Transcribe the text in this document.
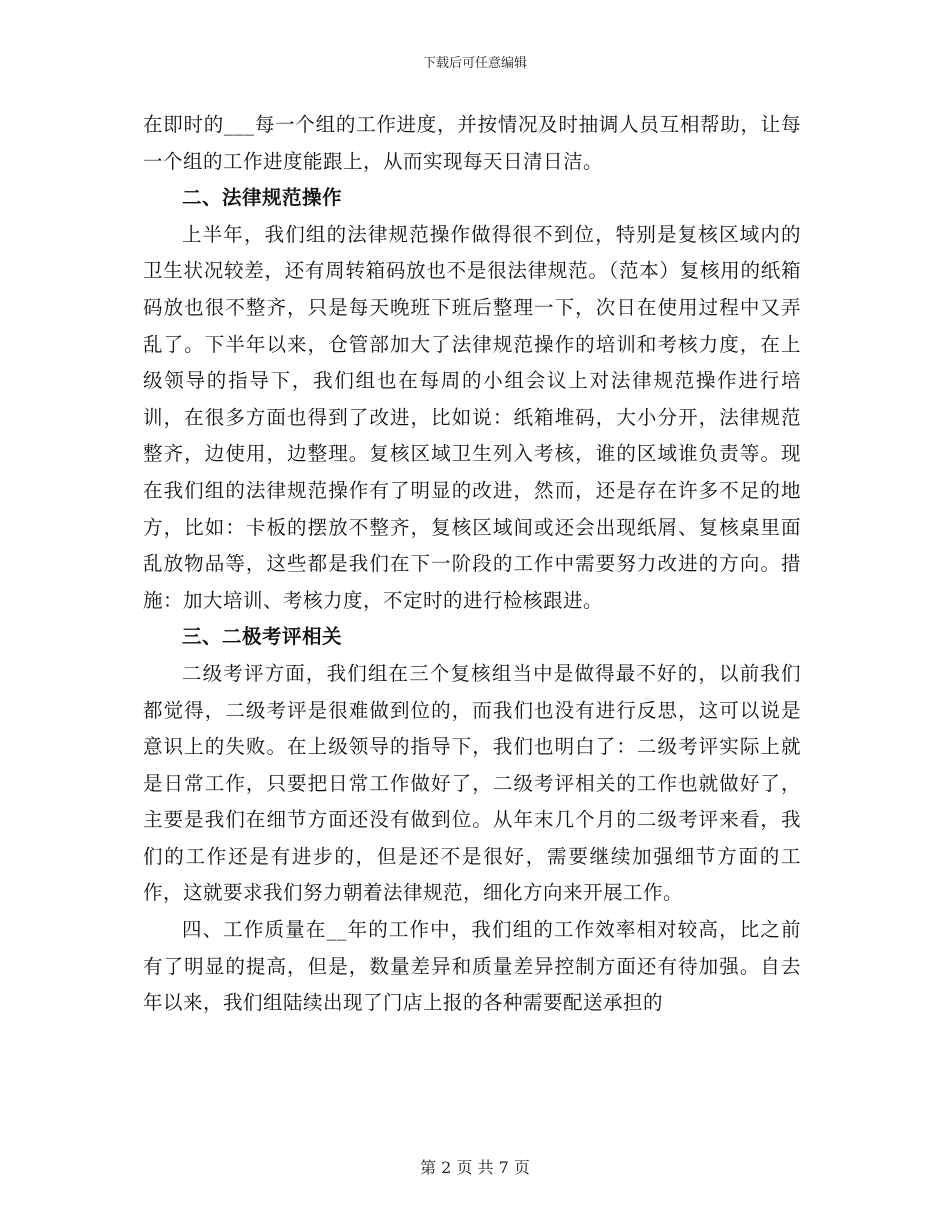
下载后可任意编辑

在即时的___每一个组的工作进度，并按情况及时抽调人员互相帮助，让每一个组的工作进度能跟上，从而实现每天日清日洁。

二、法律规范操作

上半年，我们组的法律规范操作做得很不到位，特别是复核区域内的卫生状况较差，还有周转箱码放也不是很法律规范。（范本）复核用的纸箱码放也很不整齐，只是每天晚班下班后整理一下，次日在使用过程中又弄乱了。下半年以来，仓管部加大了法律规范操作的培训和考核力度，在上级领导的指导下，我们组也在每周的小组会议上对法律规范操作进行培训，在很多方面也得到了改进，比如说：纸箱堆码，大小分开，法律规范整齐，边使用，边整理。复核区域卫生列入考核，谁的区域谁负责等。现在我们组的法律规范操作有了明显的改进，然而，还是存在许多不足的地方，比如：卡板的摆放不整齐，复核区域间或还会出现纸屑、复核桌里面乱放物品等，这些都是我们在下一阶段的工作中需要努力改进的方向。措施：加大培训、考核力度，不定时的进行检核跟进。

三、二极考评相关

二级考评方面，我们组在三个复核组当中是做得最不好的，以前我们都觉得，二级考评是很难做到位的，而我们也没有进行反思，这可以说是意识上的失败。在上级领导的指导下，我们也明白了：二级考评实际上就是日常工作，只要把日常工作做好了，二级考评相关的工作也就做好了，主要是我们在细节方面还没有做到位。从年末几个月的二级考评来看，我们的工作还是有进步的，但是还不是很好，需要继续加强细节方面的工作，这就要求我们努力朝着法律规范，细化方向来开展工作。

四、工作质量在__年的工作中，我们组的工作效率相对较高，比之前有了明显的提高，但是，数量差异和质量差异控制方面还有待加强。自去年以来，我们组陆续出现了门店上报的各种需要配送承担的

第 2 页 共 7 页
